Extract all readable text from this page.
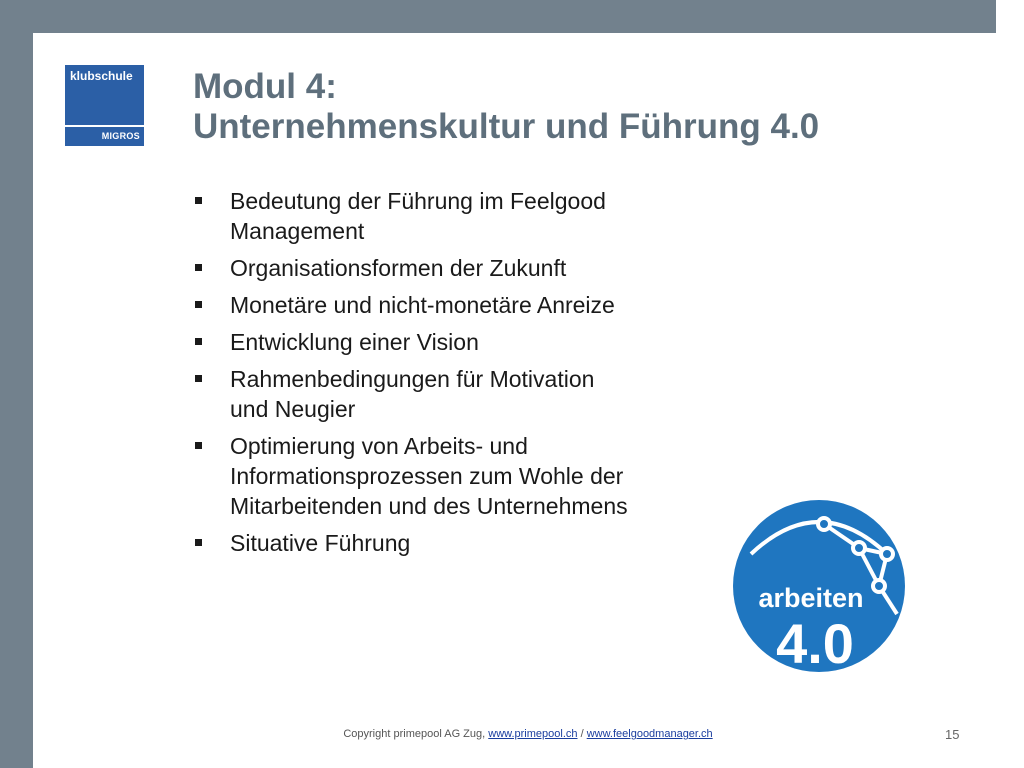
klubschule
MIGROS
Modul 4:
Unternehmenskultur und Führung 4.0
Bedeutung der Führung im Feelgood Management
Organisationsformen der Zukunft
Monetäre und nicht-monetäre Anreize
Entwicklung einer Vision
Rahmenbedingungen für Motivation
und Neugier
Optimierung von Arbeits- und
Informationsprozessen zum Wohle der
Mitarbeitenden und des Unternehmens
Situative Führung
arbeiten
4.0
Copyright primepool AG Zug, www.primepool.ch / www.feelgoodmanager.ch	15
